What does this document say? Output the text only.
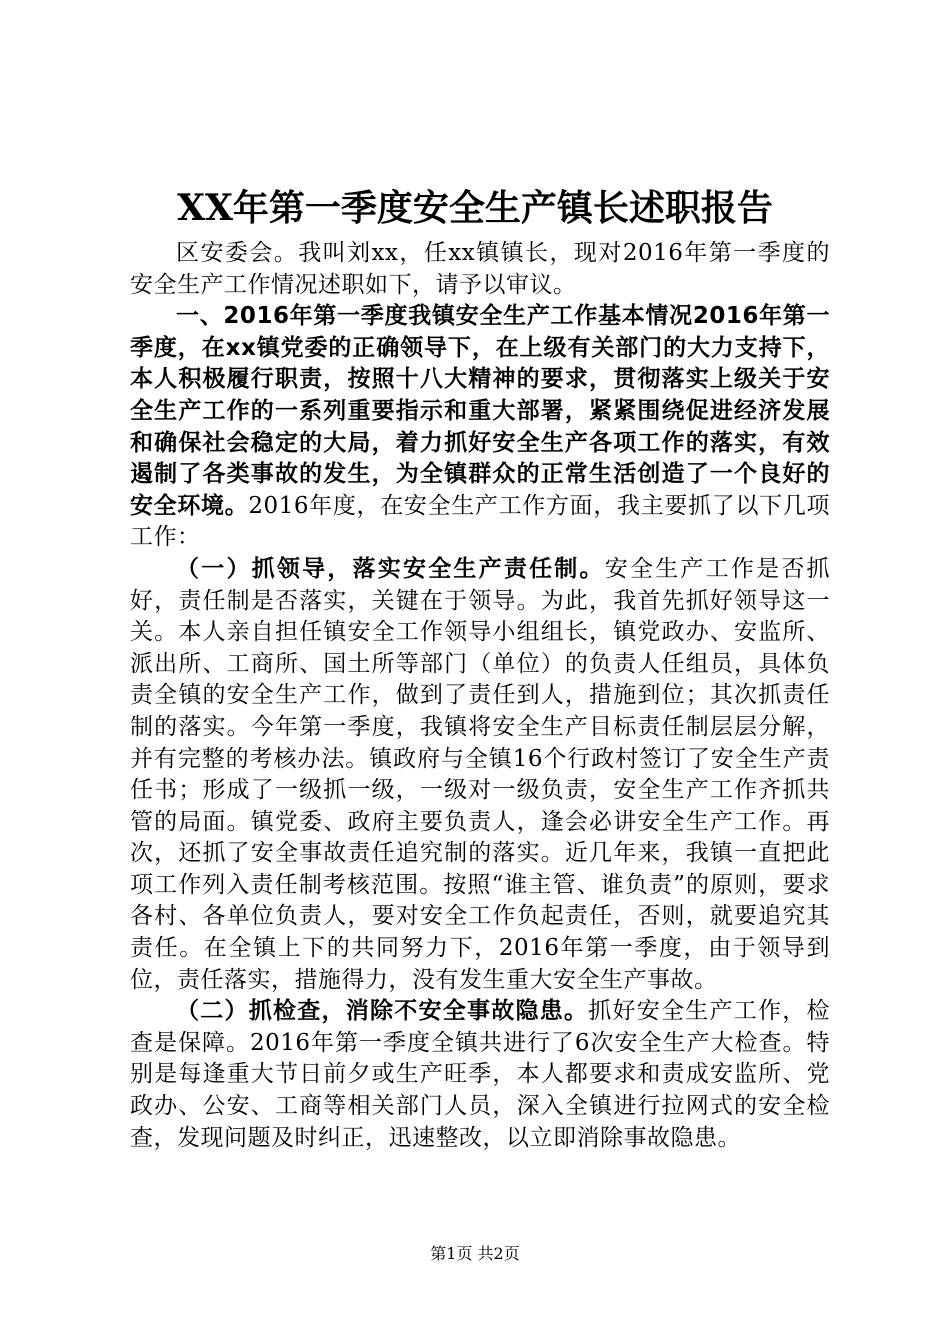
XX年第一季度安全生产镇长述职报告

区安委会。我叫刘xx，任xx镇镇长，现对2016年第一季度的安全生产工作情况述职如下，请予以审议。

一、2016年第一季度我镇安全生产工作基本情况2016年第一季度，在xx镇党委的正确领导下，在上级有关部门的大力支持下，本人积极履行职责，按照十八大精神的要求，贯彻落实上级关于安全生产工作的一系列重要指示和重大部署，紧紧围绕促进经济发展和确保社会稳定的大局，着力抓好安全生产各项工作的落实，有效遏制了各类事故的发生，为全镇群众的正常生活创造了一个良好的安全环境。2016年度，在安全生产工作方面，我主要抓了以下几项工作：

（一）抓领导，落实安全生产责任制。安全生产工作是否抓好，责任制是否落实，关键在于领导。为此，我首先抓好领导这一关。本人亲自担任镇安全工作领导小组组长，镇党政办、安监所、派出所、工商所、国土所等部门（单位）的负责人任组员，具体负责全镇的安全生产工作，做到了责任到人，措施到位；其次抓责任制的落实。今年第一季度，我镇将安全生产目标责任制层层分解，并有完整的考核办法。镇政府与全镇16个行政村签订了安全生产责任书；形成了一级抓一级，一级对一级负责，安全生产工作齐抓共管的局面。镇党委、政府主要负责人，逢会必讲安全生产工作。再次，还抓了安全事故责任追究制的落实。近几年来，我镇一直把此项工作列入责任制考核范围。按照“谁主管、谁负责”的原则，要求各村、各单位负责人，要对安全工作负起责任，否则，就要追究其责任。在全镇上下的共同努力下，2016年第一季度，由于领导到位，责任落实，措施得力，没有发生重大安全生产事故。

（二）抓检查，消除不安全事故隐患。抓好安全生产工作，检查是保障。2016年第一季度全镇共进行了6次安全生产大检查。特别是每逢重大节日前夕或生产旺季，本人都要求和责成安监所、党政办、公安、工商等相关部门人员，深入全镇进行拉网式的安全检查，发现问题及时纠正，迅速整改，以立即消除事故隐患。

第1页 共2页
